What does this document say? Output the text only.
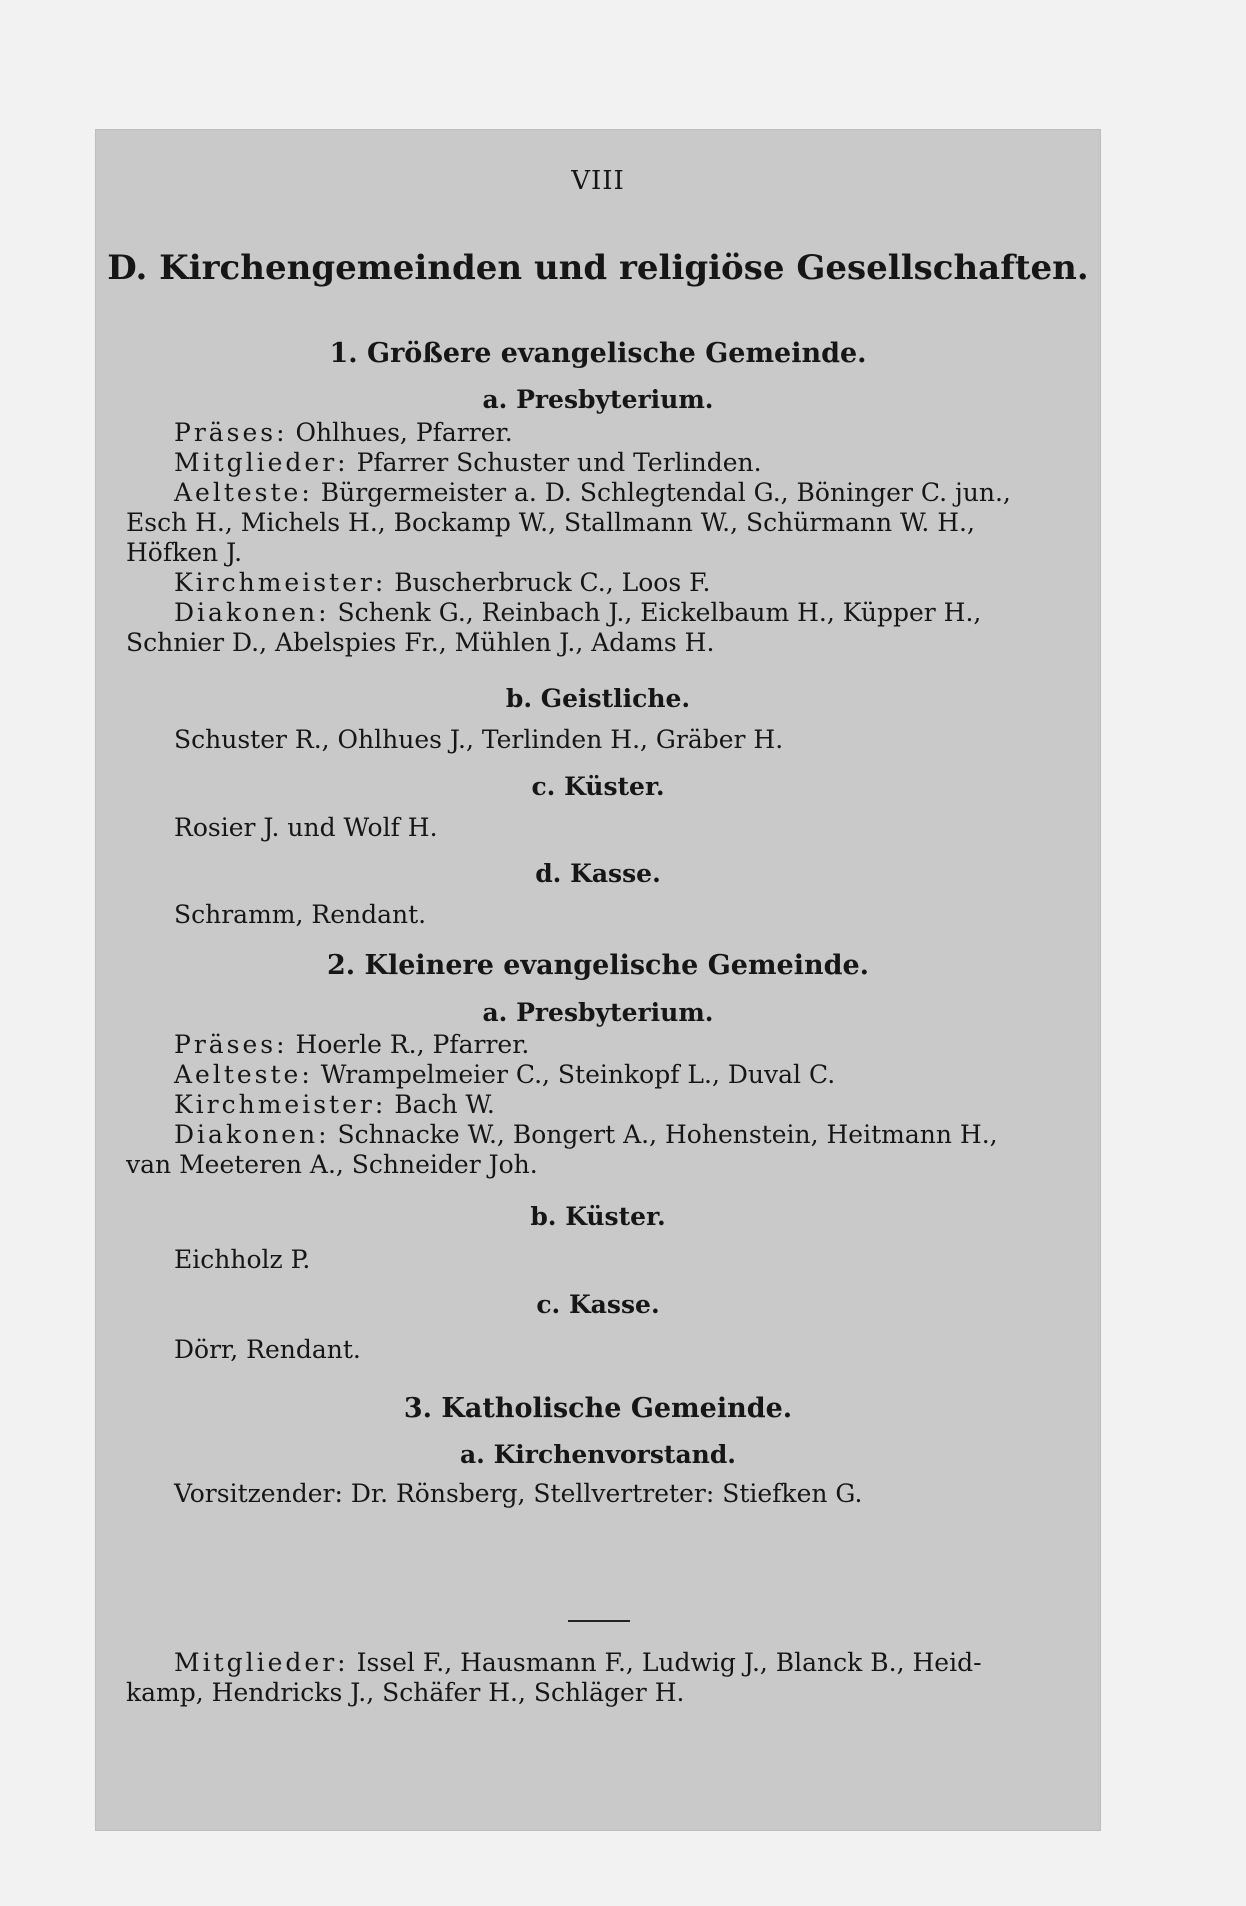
VIII
D. Kirchengemeinden und religiöse Gesellschaften.
1. Größere evangelische Gemeinde.
a. Presbyterium.
Präses: Ohlhues, Pfarrer.
Mitglieder: Pfarrer Schuster und Terlinden.
Aelteste: Bürgermeister a. D. Schlegtendal G., Böninger C. jun.,
Esch H., Michels H., Bockamp W., Stallmann W., Schürmann W. H.,
Höfken J.
Kirchmeister: Buscherbruck C., Loos F.
Diakonen: Schenk G., Reinbach J., Eickelbaum H., Küpper H.,
Schnier D., Abelspies Fr., Mühlen J., Adams H.
b. Geistliche.
Schuster R., Ohlhues J., Terlinden H., Gräber H.
c. Küster.
Rosier J. und Wolf H.
d. Kasse.
Schramm, Rendant.
2. Kleinere evangelische Gemeinde.
a. Presbyterium.
Präses: Hoerle R., Pfarrer.
Aelteste: Wrampelmeier C., Steinkopf L., Duval C.
Kirchmeister: Bach W.
Diakonen: Schnacke W., Bongert A., Hohenstein, Heitmann H.,
van Meeteren A., Schneider Joh.
b. Küster.
Eichholz P.
c. Kasse.
Dörr, Rendant.
3. Katholische Gemeinde.
a. Kirchenvorstand.
Vorsitzender: Dr. Rönsberg, Stellvertreter: Stiefken G.
Mitglieder: Issel F., Hausmann F., Ludwig J., Blanck B., Heid-
kamp, Hendricks J., Schäfer H., Schläger H.
